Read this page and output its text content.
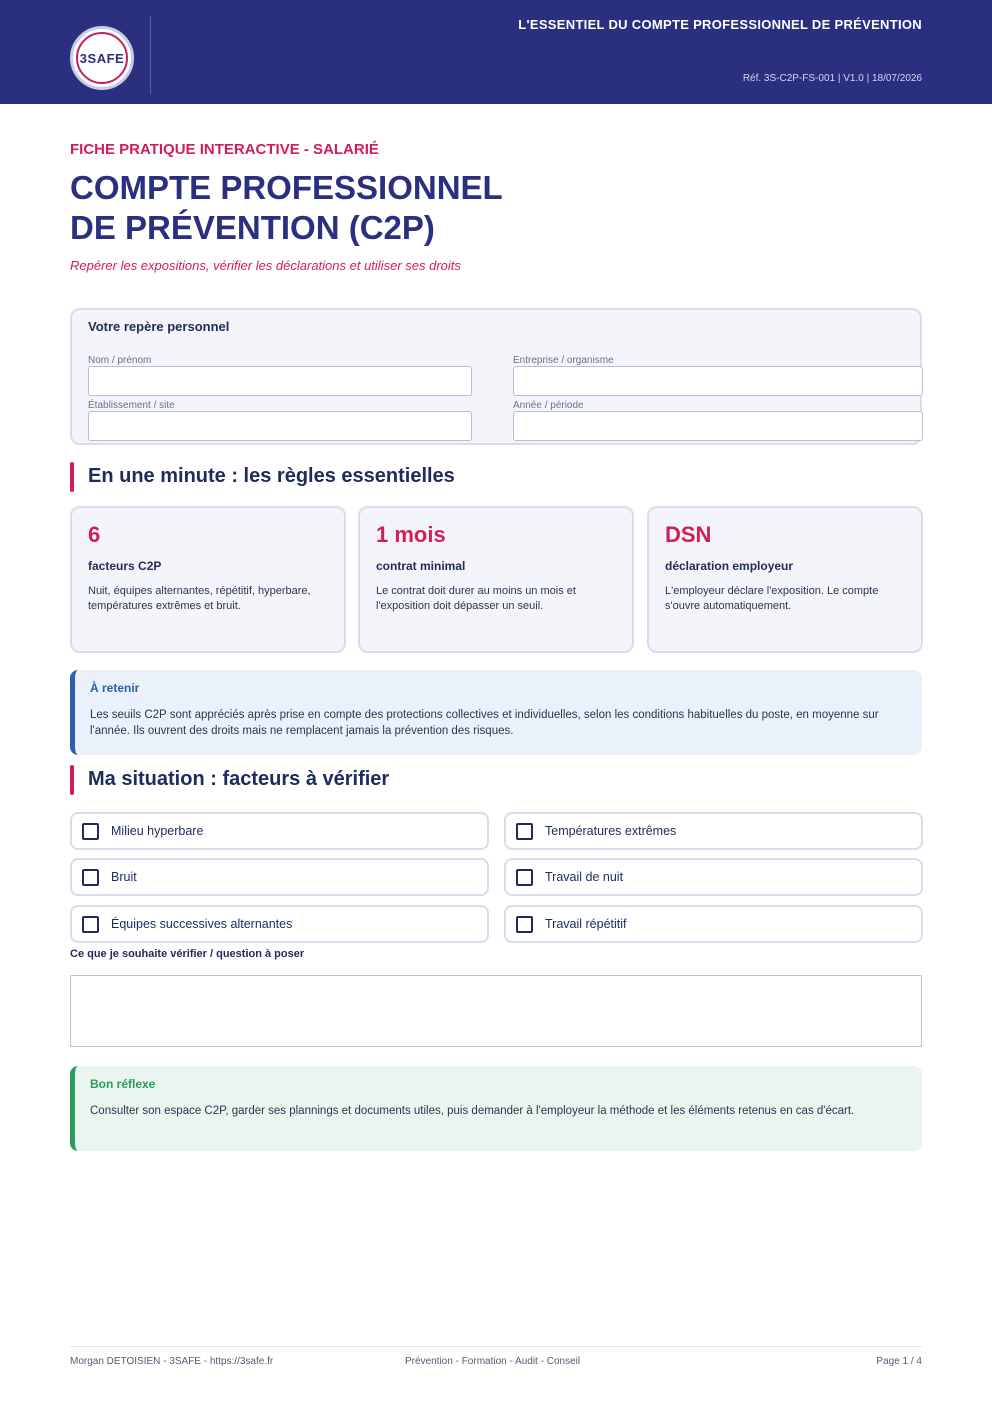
3SAFE
L'ESSENTIEL DU COMPTE PROFESSIONNEL DE PRÉVENTION
Réf. 3S-C2P-FS-001 | V1.0 | 18/07/2026
FICHE PRATIQUE INTERACTIVE - SALARIÉ
COMPTE PROFESSIONNEL
DE PRÉVENTION (C2P)
Repérer les expositions, vérifier les déclarations et utiliser ses droits
Votre repère personnel
Nom / prénom	Entreprise / organisme
Établissement / site	Année / période
En une minute : les règles essentielles
6
facteurs C2P
Nuit, équipes alternantes, répétitif, hyperbare, températures extrêmes et bruit.
1 mois
contrat minimal
Le contrat doit durer au moins un mois et l'exposition doit dépasser un seuil.
DSN
déclaration employeur
L'employeur déclare l'exposition. Le compte s'ouvre automatiquement.
À retenir
Les seuils C2P sont appréciés après prise en compte des protections collectives et individuelles, selon les conditions habituelles du poste, en moyenne sur l'année. Ils ouvrent des droits mais ne remplacent jamais la prévention des risques.
Ma situation : facteurs à vérifier
Milieu hyperbare	Températures extrêmes
Bruit	Travail de nuit
Équipes successives alternantes	Travail répétitif
Ce que je souhaite vérifier / question à poser
Bon réflexe
Consulter son espace C2P, garder ses plannings et documents utiles, puis demander à l'employeur la méthode et les éléments retenus en cas d'écart.
Morgan DETOISIEN - 3SAFE - https://3safe.fr	Prévention - Formation - Audit - Conseil	Page 1 / 4
